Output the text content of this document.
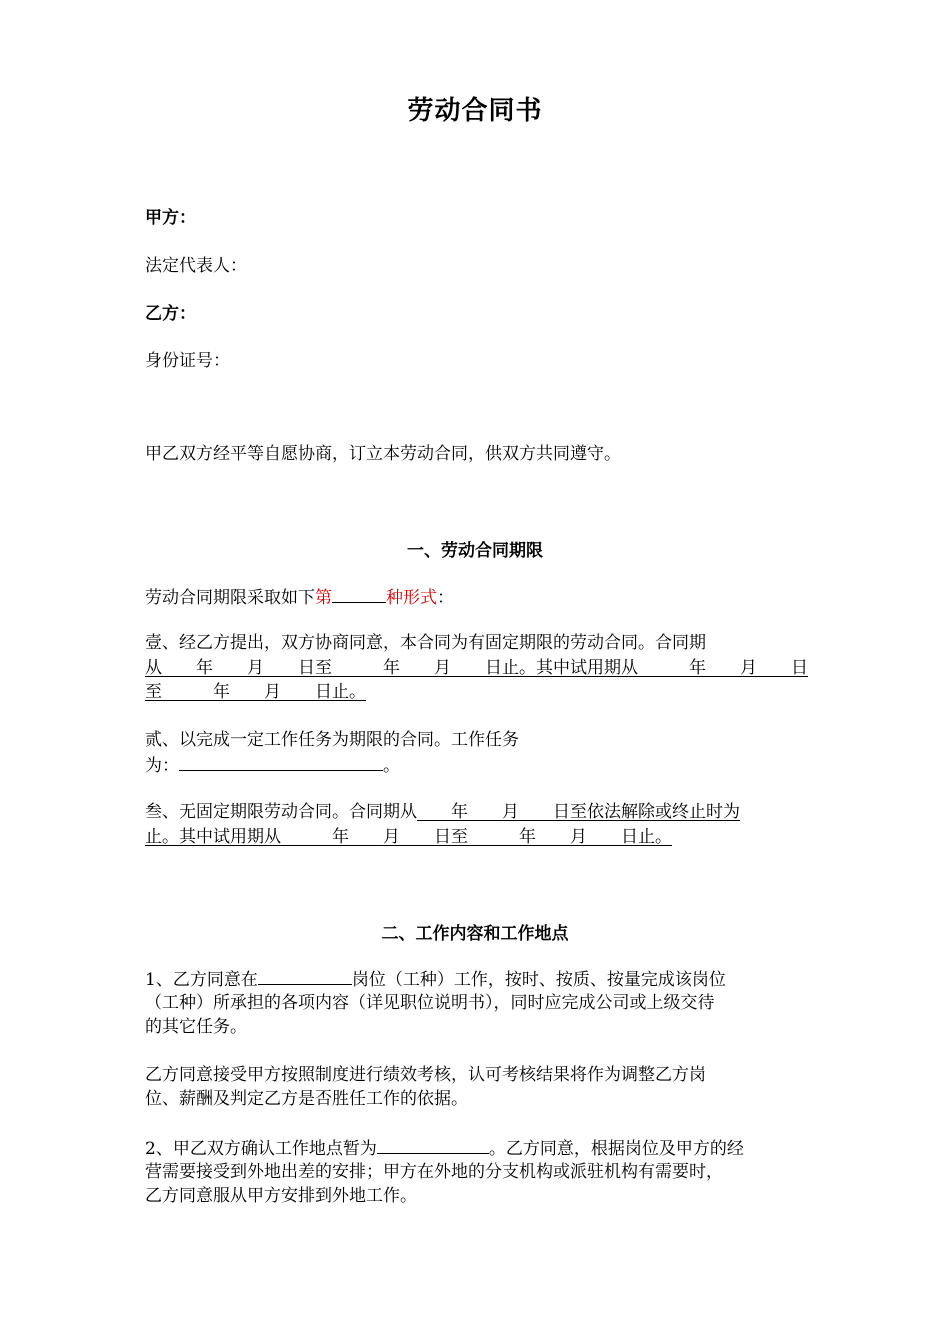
劳动合同书
甲方：
法定代表人：
乙方：
身份证号：
甲乙双方经平等自愿协商，订立本劳动合同，供双方共同遵守。
一、劳动合同期限
劳动合同期限采取如下第	种形式：
壹、经乙方提出，双方协商同意，本合同为有固定期限的劳动合同。合同期
从　　年　　月　　日至　　　年　　月　　日止。其中试用期从　　　年　　月　　日
至　　　年　　月　　日止。
贰、以完成一定工作任务为期限的合同。工作任务
为：	。
叁、无固定期限劳动合同。合同期从　　年　　月　　日至依法解除或终止时为
止。其中试用期从　　　年　　月　　日至　　　年　　月　　日止。
二、工作内容和工作地点
1、乙方同意在	岗位（工种）工作，按时、按质、按量完成该岗位
（工种）所承担的各项内容（详见职位说明书），同时应完成公司或上级交待
的其它任务。
乙方同意接受甲方按照制度进行绩效考核，认可考核结果将作为调整乙方岗
位、薪酬及判定乙方是否胜任工作的依据。
2、甲乙双方确认工作地点暂为	。乙方同意，根据岗位及甲方的经
营需要接受到外地出差的安排；甲方在外地的分支机构或派驻机构有需要时，
乙方同意服从甲方安排到外地工作。
